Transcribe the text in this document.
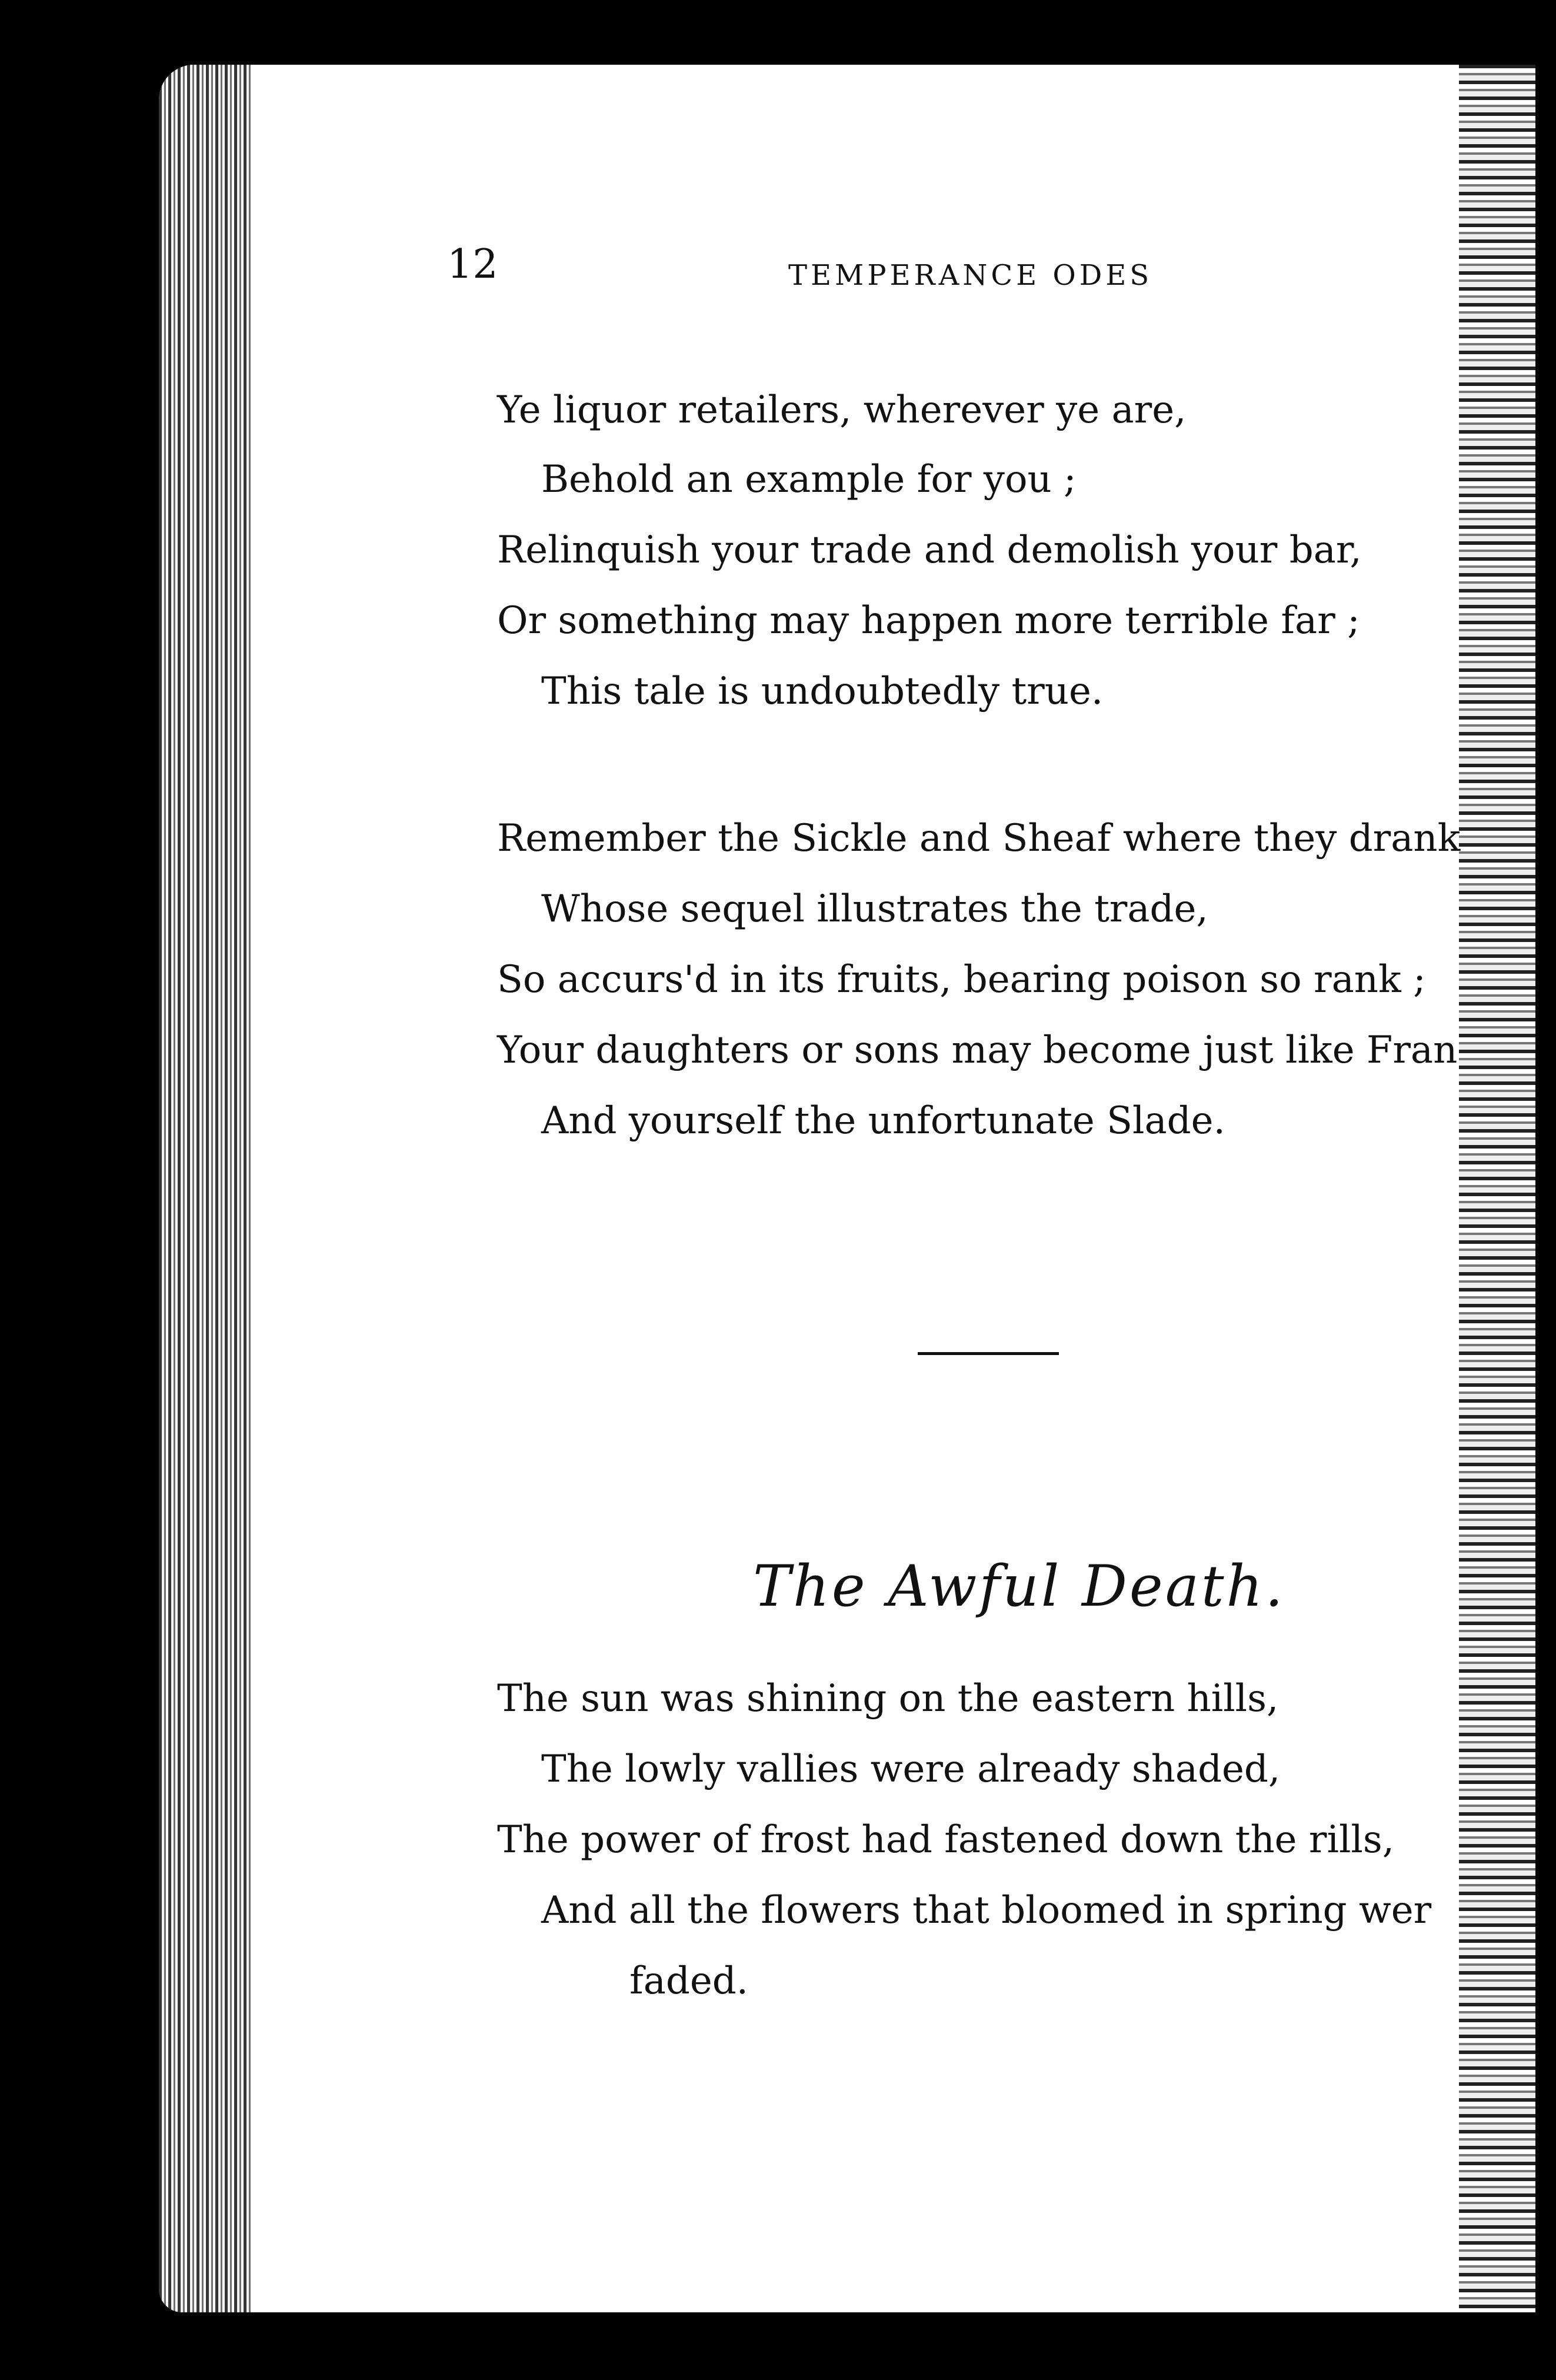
12	TEMPERANCE ODES
Ye liquor retailers, wherever ye are,
Behold an example for you ;
Relinquish your trade and demolish your bar,
Or something may happen more terrible far ;
This tale is undoubtedly true.
Remember the Sickle and Sheaf where they drank
Whose sequel illustrates the trade,
So accurs'd in its fruits, bearing poison so rank ;
Your daughters or sons may become just like Fran
And yourself the unfortunate Slade.
The Awful Death.
The sun was shining on the eastern hills,
The lowly vallies were already shaded,
The power of frost had fastened down the rills,
And all the flowers that bloomed in spring wer
faded.
